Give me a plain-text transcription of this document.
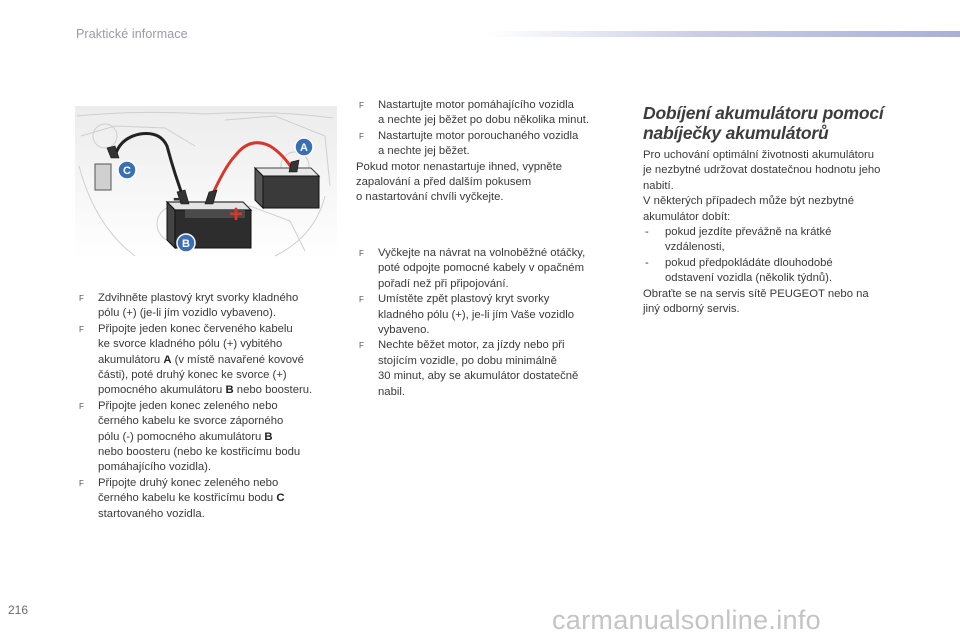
Praktické informace
–
+
A
B
C
F Zdvihněte plastový kryt svorky kladného
pólu (+) (je-li jím vozidlo vybaveno).
F Připojte jeden konec červeného kabelu
ke svorce kladného pólu (+) vybitého
akumulátoru A (v místě navařené kovové
části), poté druhý konec ke svorce (+)
pomocného akumulátoru B nebo boosteru.
F Připojte jeden konec zeleného nebo
černého kabelu ke svorce záporného
pólu (-) pomocného akumulátoru B
nebo boosteru (nebo ke kostřicímu bodu
pomáhajícího vozidla).
F Připojte druhý konec zeleného nebo
černého kabelu ke kostřicímu bodu C
startovaného vozidla.
F Nastartujte motor pomáhajícího vozidla
a nechte jej běžet po dobu několika minut.
F Nastartujte motor porouchaného vozidla
a nechte jej běžet.

Pokud motor nenastartuje ihned, vypněte
zapalování a před dalším pokusem
o nastartování chvíli vyčkejte.

F Vyčkejte na návrat na volnoběžné otáčky,
poté odpojte pomocné kabely v opačném
pořadí než při připojování.
F Umístěte zpět plastový kryt svorky
kladného pólu (+), je-li jím Vaše vozidlo
vybaveno.
F Nechte běžet motor, za jízdy nebo při
stojícím vozidle, po dobu minimálně
30 minut, aby se akumulátor dostatečně
nabil.
Dobíjení akumulátoru pomocí
nabíječky akumulátorů

Pro uchování optimální životnosti akumulátoru
je nezbytné udržovat dostatečnou hodnotu jeho
nabití.

V některých případech může být nezbytné
akumulátor dobít:

- pokud jezdíte převážně na krátké
vzdálenosti,
- pokud předpokládáte dlouhodobé
odstavení vozidla (několik týdnů).

Obraťte se na servis sítě PEUGEOT nebo na
jiný odborný servis.

216	carmanualsonline.info
